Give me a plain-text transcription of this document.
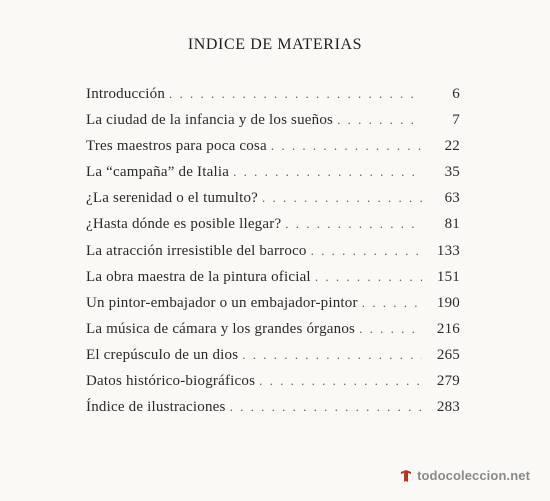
INDICE DE MATERIAS
Introducción . . .	6
La ciudad de la infancia y de los sueños . . .	7
Tres maestros para poca cosa . . .	22
La “campaña” de Italia . . .	35
¿La serenidad o el tumulto? . . .	63
¿Hasta dónde es posible llegar? . . .	81
La atracción irresistible del barroco . . .	133
La obra maestra de la pintura oficial . . .	151
Un pintor-embajador o un embajador-pintor . . .	190
La música de cámara y los grandes órganos . . .	216
El crepúsculo de un dios . . .	265
Datos histórico-biográficos . . .	279
Índice de ilustraciones . . .	283
todocoleccion.net
